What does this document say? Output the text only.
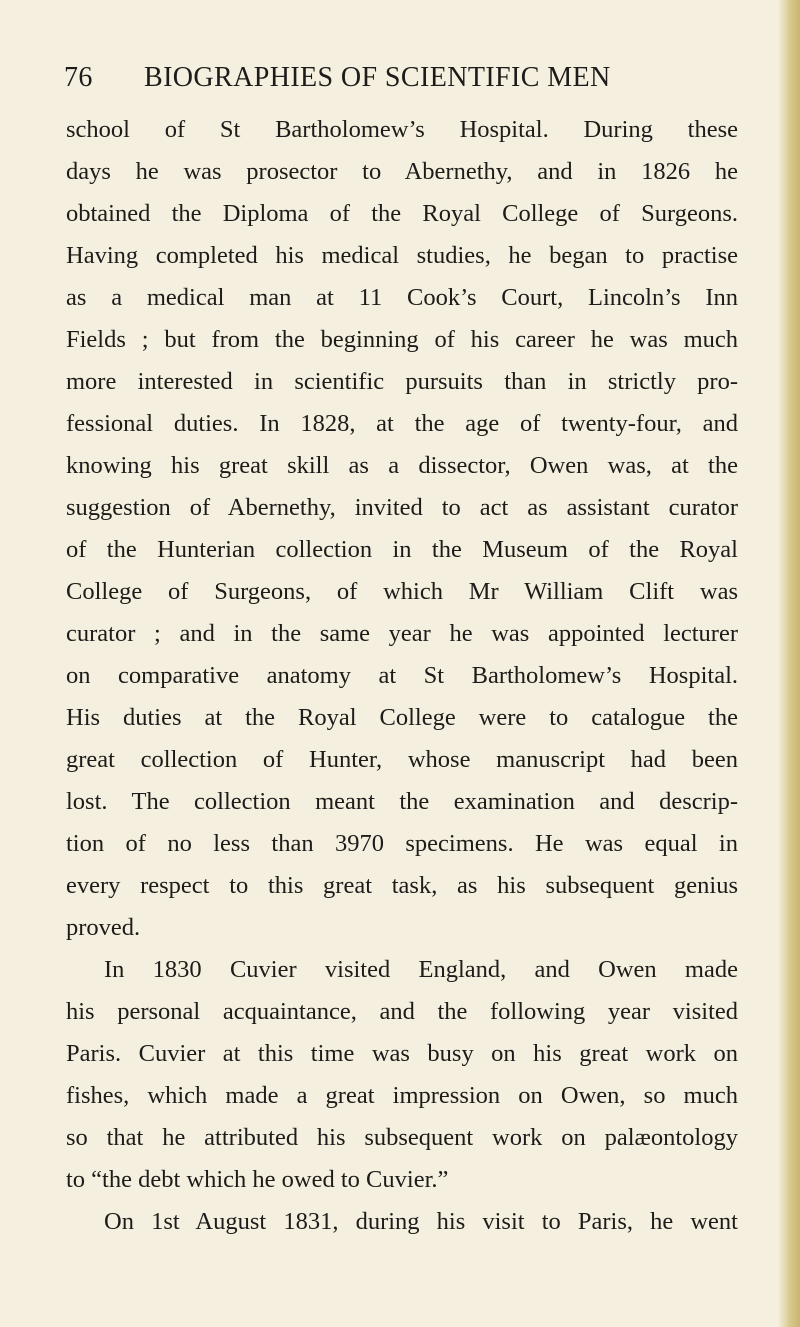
76 BIOGRAPHIES OF SCIENTIFIC MEN
school of St Bartholomew’s Hospital. During these
days he was prosector to Abernethy, and in 1826 he
obtained the Diploma of the Royal College of Surgeons.
Having completed his medical studies, he began to practise
as a medical man at 11 Cook’s Court, Lincoln’s Inn
Fields ; but from the beginning of his career he was much
more interested in scientific pursuits than in strictly pro-
fessional duties. In 1828, at the age of twenty-four, and
knowing his great skill as a dissector, Owen was, at the
suggestion of Abernethy, invited to act as assistant curator
of the Hunterian collection in the Museum of the Royal
College of Surgeons, of which Mr William Clift was
curator ; and in the same year he was appointed lecturer
on comparative anatomy at St Bartholomew’s Hospital.
His duties at the Royal College were to catalogue the
great collection of Hunter, whose manuscript had been
lost. The collection meant the examination and descrip-
tion of no less than 3970 specimens. He was equal in
every respect to this great task, as his subsequent genius
proved.
In 1830 Cuvier visited England, and Owen made
his personal acquaintance, and the following year visited
Paris. Cuvier at this time was busy on his great work on
fishes, which made a great impression on Owen, so much
so that he attributed his subsequent work on palæontology
to “the debt which he owed to Cuvier.”
On 1st August 1831, during his visit to Paris, he went
